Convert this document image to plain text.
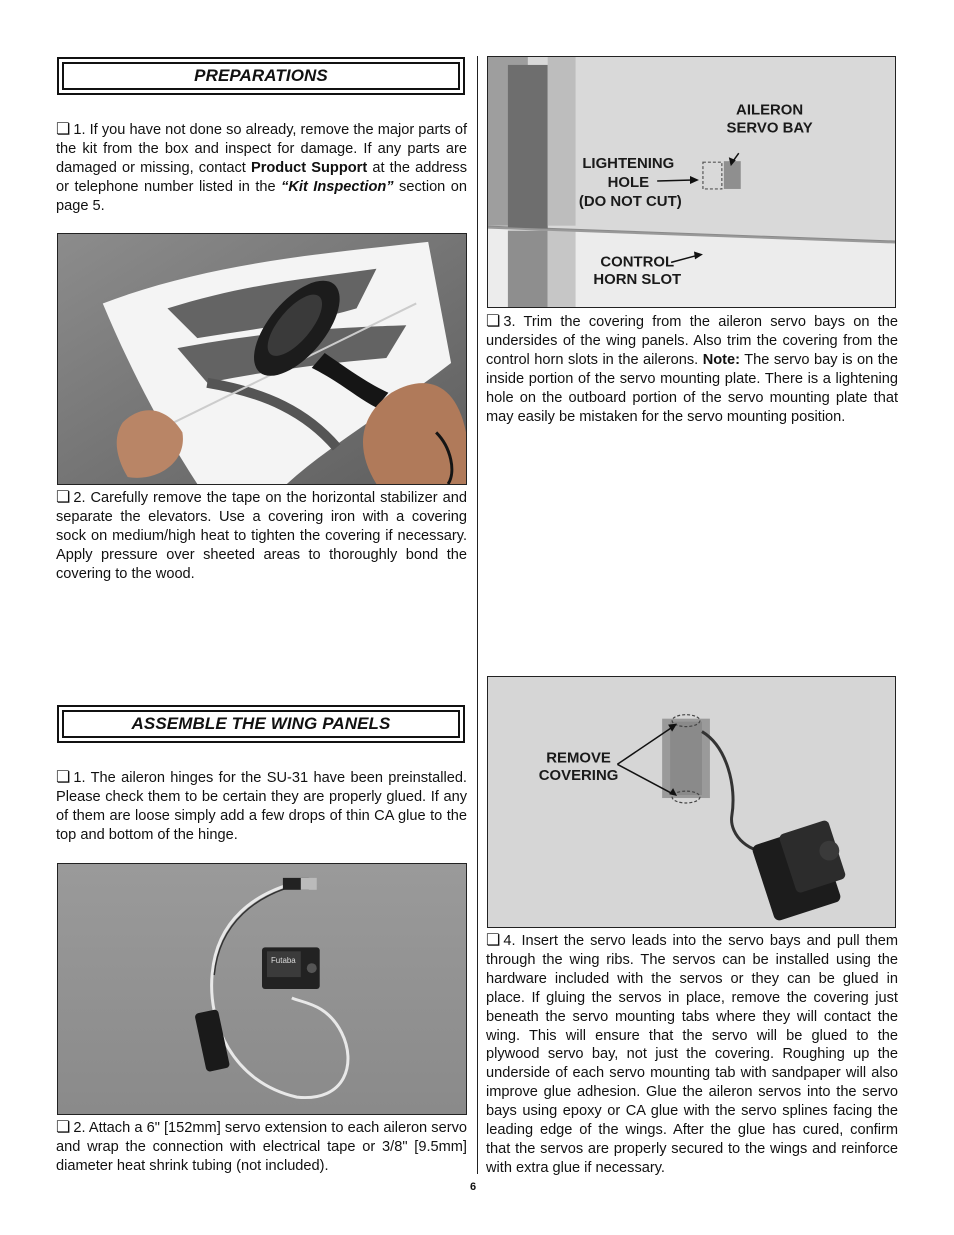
PREPARATIONS

❏ 1. If you have not done so already, remove the major parts of the kit from the box and inspect for damage. If any parts are damaged or missing, contact Product Support at the address or telephone number listed in the “Kit Inspection” section on page 5.

❏ 2. Carefully remove the tape on the horizontal stabilizer and separate the elevators. Use a covering iron with a covering sock on medium/high heat to tighten the covering if necessary. Apply pressure over sheeted areas to thoroughly bond the covering to the wood.

ASSEMBLE THE WING PANELS

❏ 1. The aileron hinges for the SU-31 have been preinstalled. Please check them to be certain they are properly glued. If any of them are loose simply add a few drops of thin CA glue to the top and bottom of the hinge.

Futaba

❏ 2. Attach a 6" [152mm] servo extension to each aileron servo and wrap the connection with electrical tape or 3/8" [9.5mm] diameter heat shrink tubing (not included).

AILERON
SERVO BAY
LIGHTENING
HOLE
(DO NOT CUT)
CONTROL
HORN SLOT

❏ 3. Trim the covering from the aileron servo bays on the undersides of the wing panels. Also trim the covering from the control horn slots in the ailerons. Note: The servo bay is on the inside portion of the servo mounting plate. There is a lightening hole on the outboard portion of the servo mounting plate that may easily be mistaken for the servo mounting position.

REMOVE
COVERING

❏ 4. Insert the servo leads into the servo bays and pull them through the wing ribs. The servos can be installed using the hardware included with the servos or they can be glued in place. If gluing the servos in place, remove the covering just beneath the servo mounting tabs where they will contact the wing. This will ensure that the servo will be glued to the plywood servo bay, not just the covering. Roughing up the underside of each servo mounting tab with sandpaper will also improve glue adhesion. Glue the aileron servos into the servo bays using epoxy or CA glue with the servo splines facing the leading edge of the wings. After the glue has cured, confirm that the servos are properly secured to the wings and reinforce with extra glue if necessary.

6
